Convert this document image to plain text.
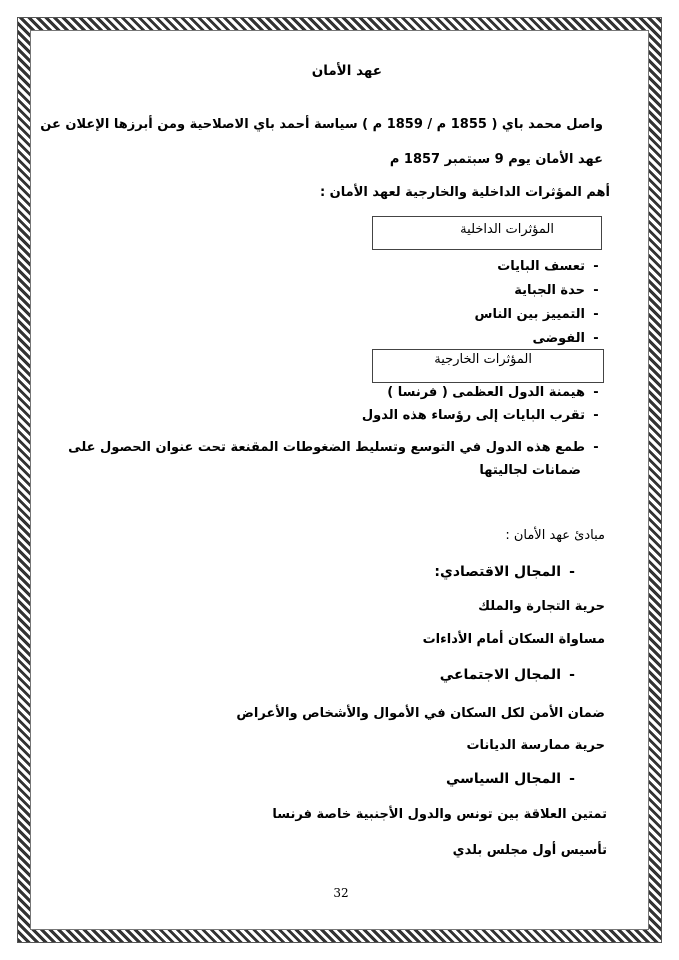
عهد الأمان
واصل محمد باي ( 1855 م / 1859 م ) سياسة أحمد باي الاصلاحية ومن أبرزها الإعلان عن
عهد الأمان يوم 9 سبتمبر 1857 م
أهم المؤثرات الداخلية والخارجية لعهد الأمان :
المؤثرات الداخلية
-تعسف البايات
-حدة الجباية
-التمييز بين الناس
-الفوضى
المؤثرات الخارجية
-هيمنة الدول العظمى ( فرنسا )
-تقرب البايات إلى رؤساء هذه الدول
-طمع هذه الدول في التوسع وتسليط الضغوطات المقنعة تحت عنوان الحصول على
ضمانات لجاليتها
مبادئ عهد الأمان :
-المجال الاقتصادي:
حرية التجارة والملك
مساواة السكان أمام الأداءات
-المجال الاجتماعي
ضمان الأمن لكل السكان في الأموال والأشخاص والأعراض
حرية ممارسة الديانات
-المجال السياسي
تمتين العلاقة بين تونس والدول الأجنبية خاصة فرنسا
تأسيس أول مجلس بلدي
32
